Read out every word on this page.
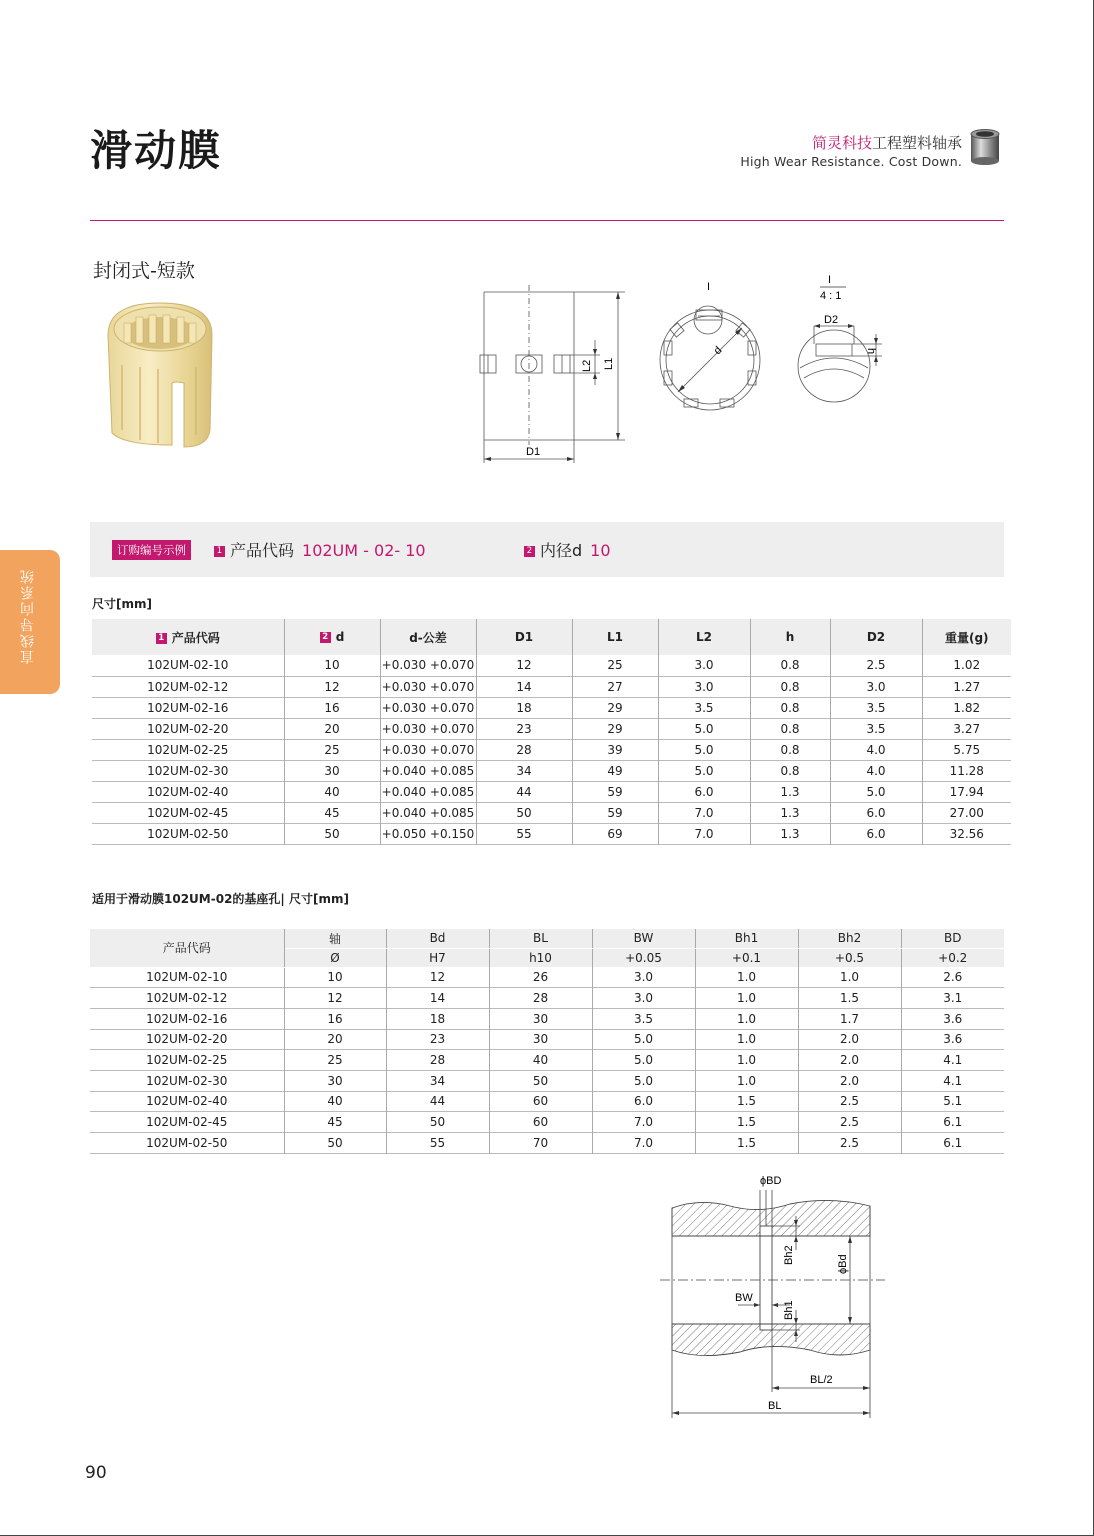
滑动膜	简灵科技工程塑料轴承
High Wear Resistance. Cost Down.
封闭式-短款
直线导向系统
D1
L1
L2
d
I
I
4 : 1
D2
h
订购编号示例	1 产品代码 102UM - 02- 10	2 内径d 10
尺寸[mm]
1 产品代码	2 d	d-公差	D1	L1	L2	h	D2	重量(g)
102UM-02-10	10	+0.030 +0.070	12	25	3.0	0.8	2.5	1.02
102UM-02-12	12	+0.030 +0.070	14	27	3.0	0.8	3.0	1.27
102UM-02-16	16	+0.030 +0.070	18	29	3.5	0.8	3.5	1.82
102UM-02-20	20	+0.030 +0.070	23	29	5.0	0.8	3.5	3.27
102UM-02-25	25	+0.030 +0.070	28	39	5.0	0.8	4.0	5.75
102UM-02-30	30	+0.040 +0.085	34	49	5.0	0.8	4.0	11.28
102UM-02-40	40	+0.040 +0.085	44	59	6.0	1.3	5.0	17.94
102UM-02-45	45	+0.040 +0.085	50	59	7.0	1.3	6.0	27.00
102UM-02-50	50	+0.050 +0.150	55	69	7.0	1.3	6.0	32.56
适用于滑动膜102UM-02的基座孔| 尺寸[mm]
产品代码	轴	Bd	BL	BW	Bh1	Bh2	BD
	Ø	H7	h10	+0.05	+0.1	+0.5	+0.2
102UM-02-10	10	12	26	3.0	1.0	1.0	2.6
102UM-02-12	12	14	28	3.0	1.0	1.5	3.1
102UM-02-16	16	18	30	3.5	1.0	1.7	3.6
102UM-02-20	20	23	30	5.0	1.0	2.0	3.6
102UM-02-25	25	28	40	5.0	1.0	2.0	4.1
102UM-02-30	30	34	50	5.0	1.0	2.0	4.1
102UM-02-40	40	44	60	6.0	1.5	2.5	5.1
102UM-02-45	45	50	60	7.0	1.5	2.5	6.1
102UM-02-50	50	55	70	7.0	1.5	2.5	6.1
ϕBD
ϕBd
Bh2
Bh1
BW
BL/2
BL
90
